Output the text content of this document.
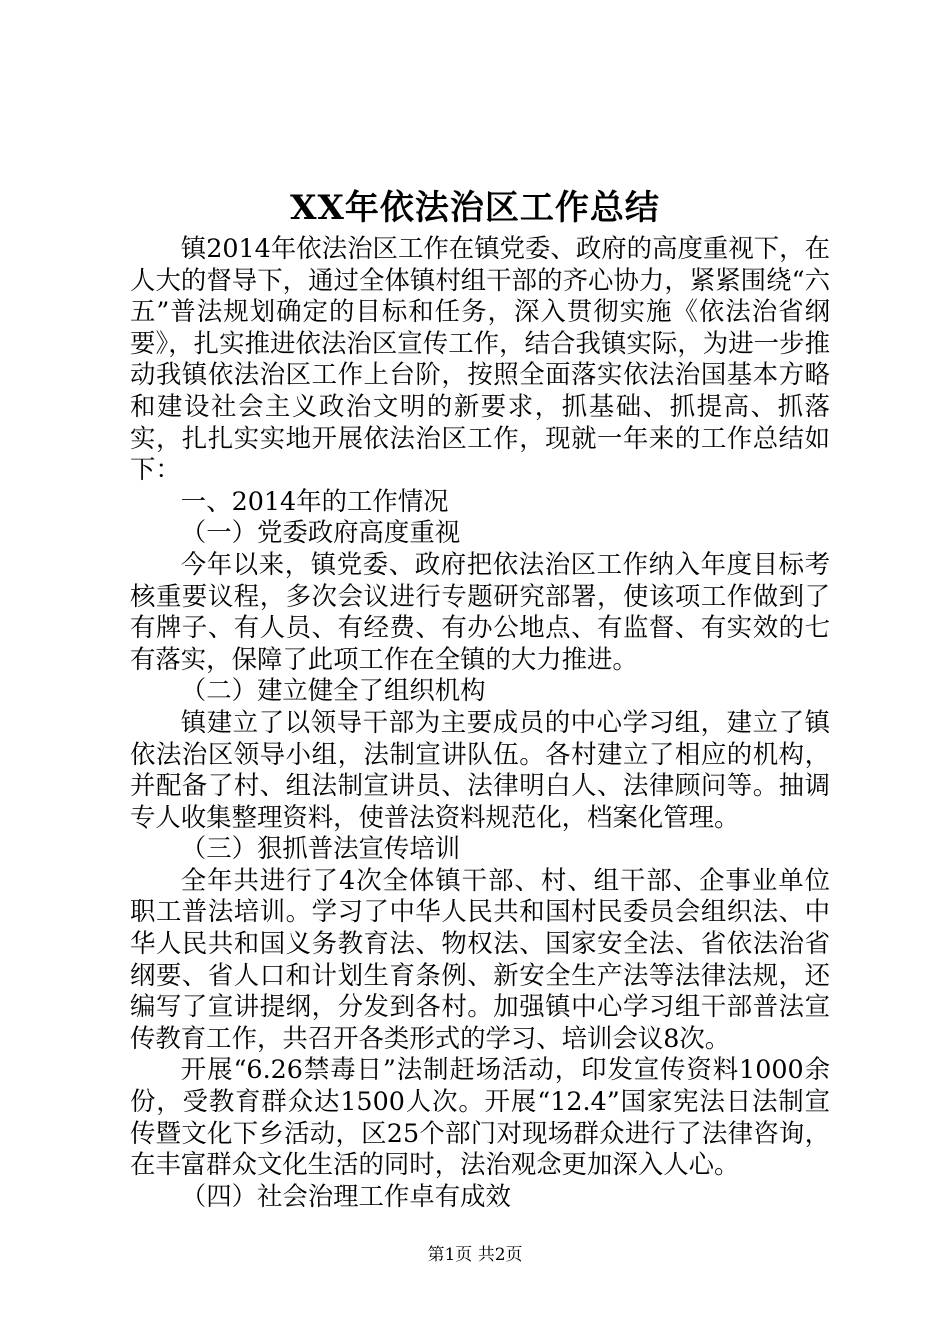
XX年依法治区工作总结

镇2014年依法治区工作在镇党委、政府的高度重视下，在人大的督导下，通过全体镇村组干部的齐心协力，紧紧围绕“六五”普法规划确定的目标和任务，深入贯彻实施《依法治省纲要》，扎实推进依法治区宣传工作，结合我镇实际，为进一步推动我镇依法治区工作上台阶，按照全面落实依法治国基本方略和建设社会主义政治文明的新要求，抓基础、抓提高、抓落实，扎扎实实地开展依法治区工作，现就一年来的工作总结如下：

一、2014年的工作情况

（一）党委政府高度重视

今年以来，镇党委、政府把依法治区工作纳入年度目标考核重要议程，多次会议进行专题研究部署，使该项工作做到了有牌子、有人员、有经费、有办公地点、有监督、有实效的七有落实，保障了此项工作在全镇的大力推进。

（二）建立健全了组织机构

镇建立了以领导干部为主要成员的中心学习组，建立了镇依法治区领导小组，法制宣讲队伍。各村建立了相应的机构，并配备了村、组法制宣讲员、法律明白人、法律顾问等。抽调专人收集整理资料，使普法资料规范化，档案化管理。

（三）狠抓普法宣传培训

全年共进行了4次全体镇干部、村、组干部、企事业单位职工普法培训。学习了中华人民共和国村民委员会组织法、中华人民共和国义务教育法、物权法、国家安全法、省依法治省纲要、省人口和计划生育条例、新安全生产法等法律法规，还编写了宣讲提纲，分发到各村。加强镇中心学习组干部普法宣传教育工作，共召开各类形式的学习、培训会议8次。

开展“6.26禁毒日”法制赶场活动，印发宣传资料1000余份，受教育群众达1500人次。开展“12.4”国家宪法日法制宣传暨文化下乡活动，区25个部门对现场群众进行了法律咨询，在丰富群众文化生活的同时，法治观念更加深入人心。

（四）社会治理工作卓有成效

第1页 共2页
